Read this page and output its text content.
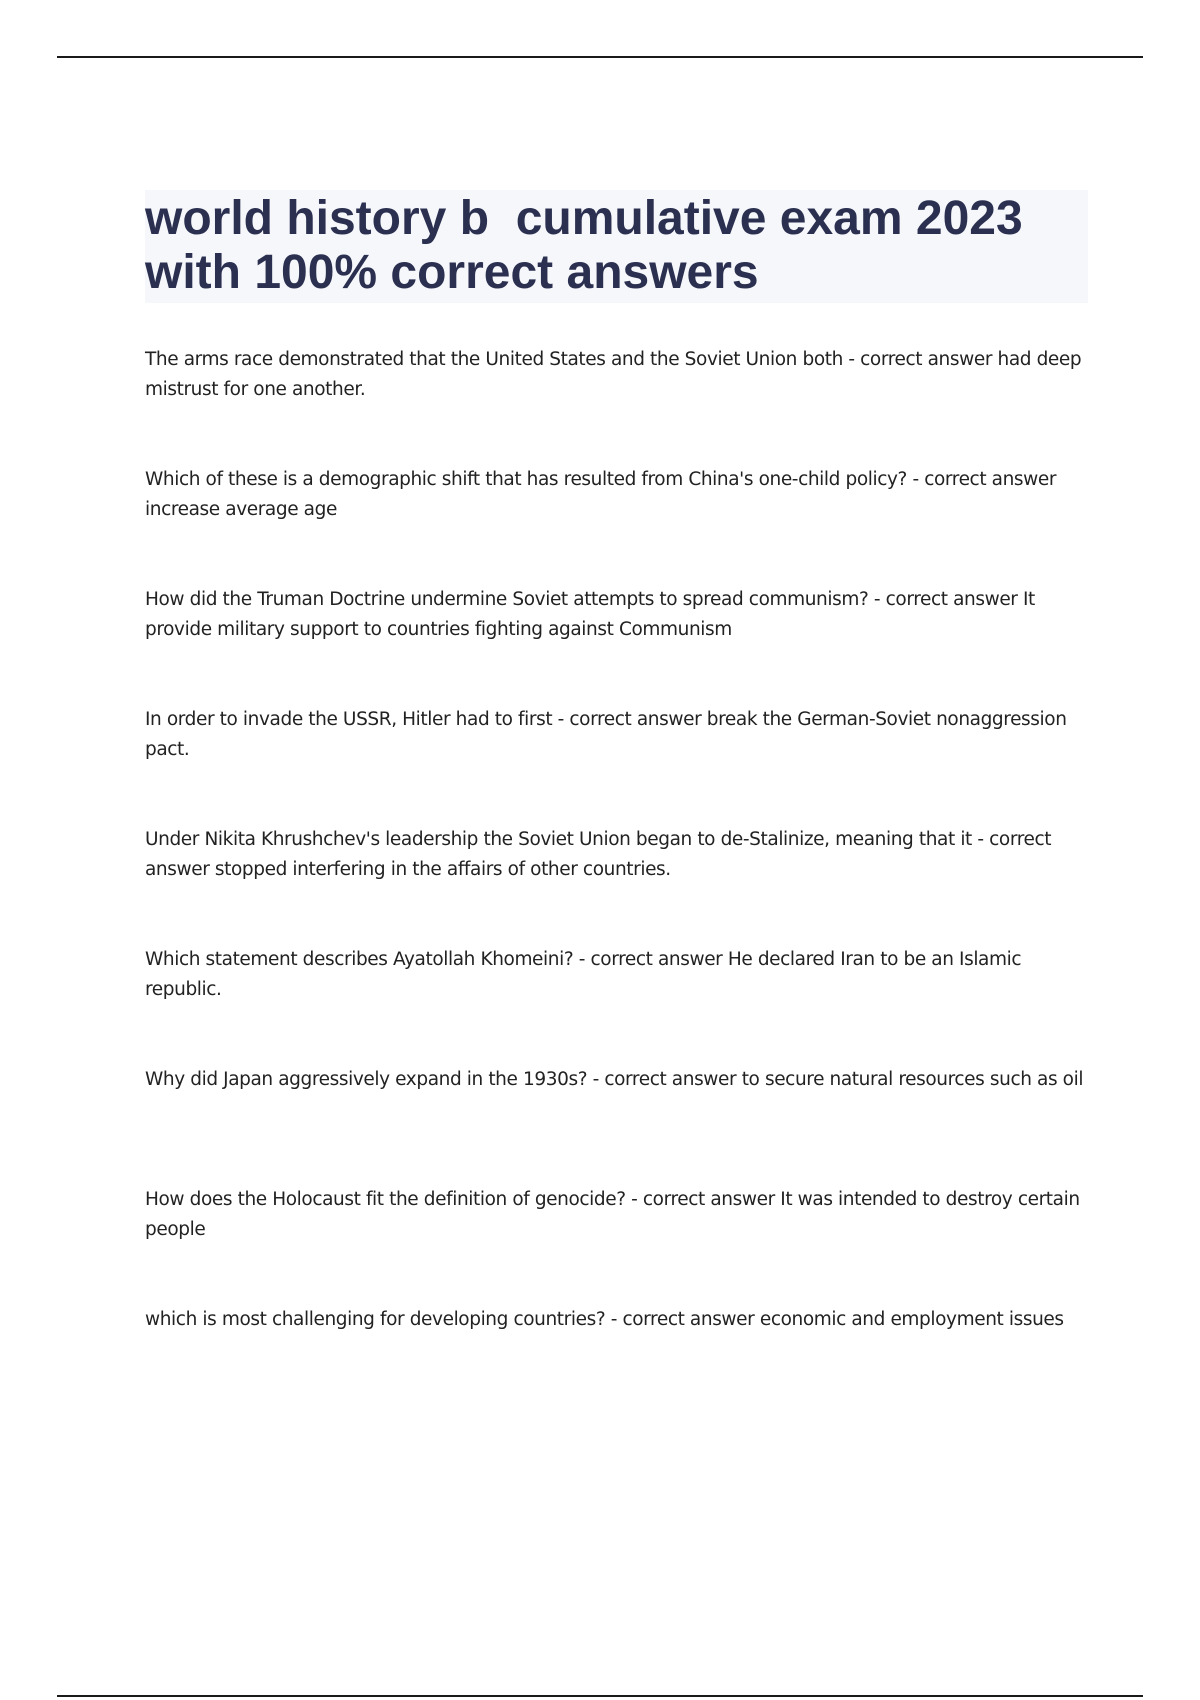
world history b  cumulative exam 2023 with 100% correct answers
The arms race demonstrated that the United States and the Soviet Union both - correct answer had deep mistrust for one another.
Which of these is a demographic shift that has resulted from China's one-child policy? - correct answer increase average age
How did the Truman Doctrine undermine Soviet attempts to spread communism? - correct answer It provide military support to countries fighting against Communism
In order to invade the USSR, Hitler had to first - correct answer break the German-Soviet nonaggression pact.
Under Nikita Khrushchev's leadership the Soviet Union began to de-Stalinize, meaning that it - correct answer stopped interfering in the affairs of other countries.
Which statement describes Ayatollah Khomeini? - correct answer He declared Iran to be an Islamic republic.
Why did Japan aggressively expand in the 1930s? - correct answer to secure natural resources such as oil
How does the Holocaust fit the definition of genocide? - correct answer It was intended to destroy certain people
which is most challenging for developing countries? - correct answer economic and employment issues
